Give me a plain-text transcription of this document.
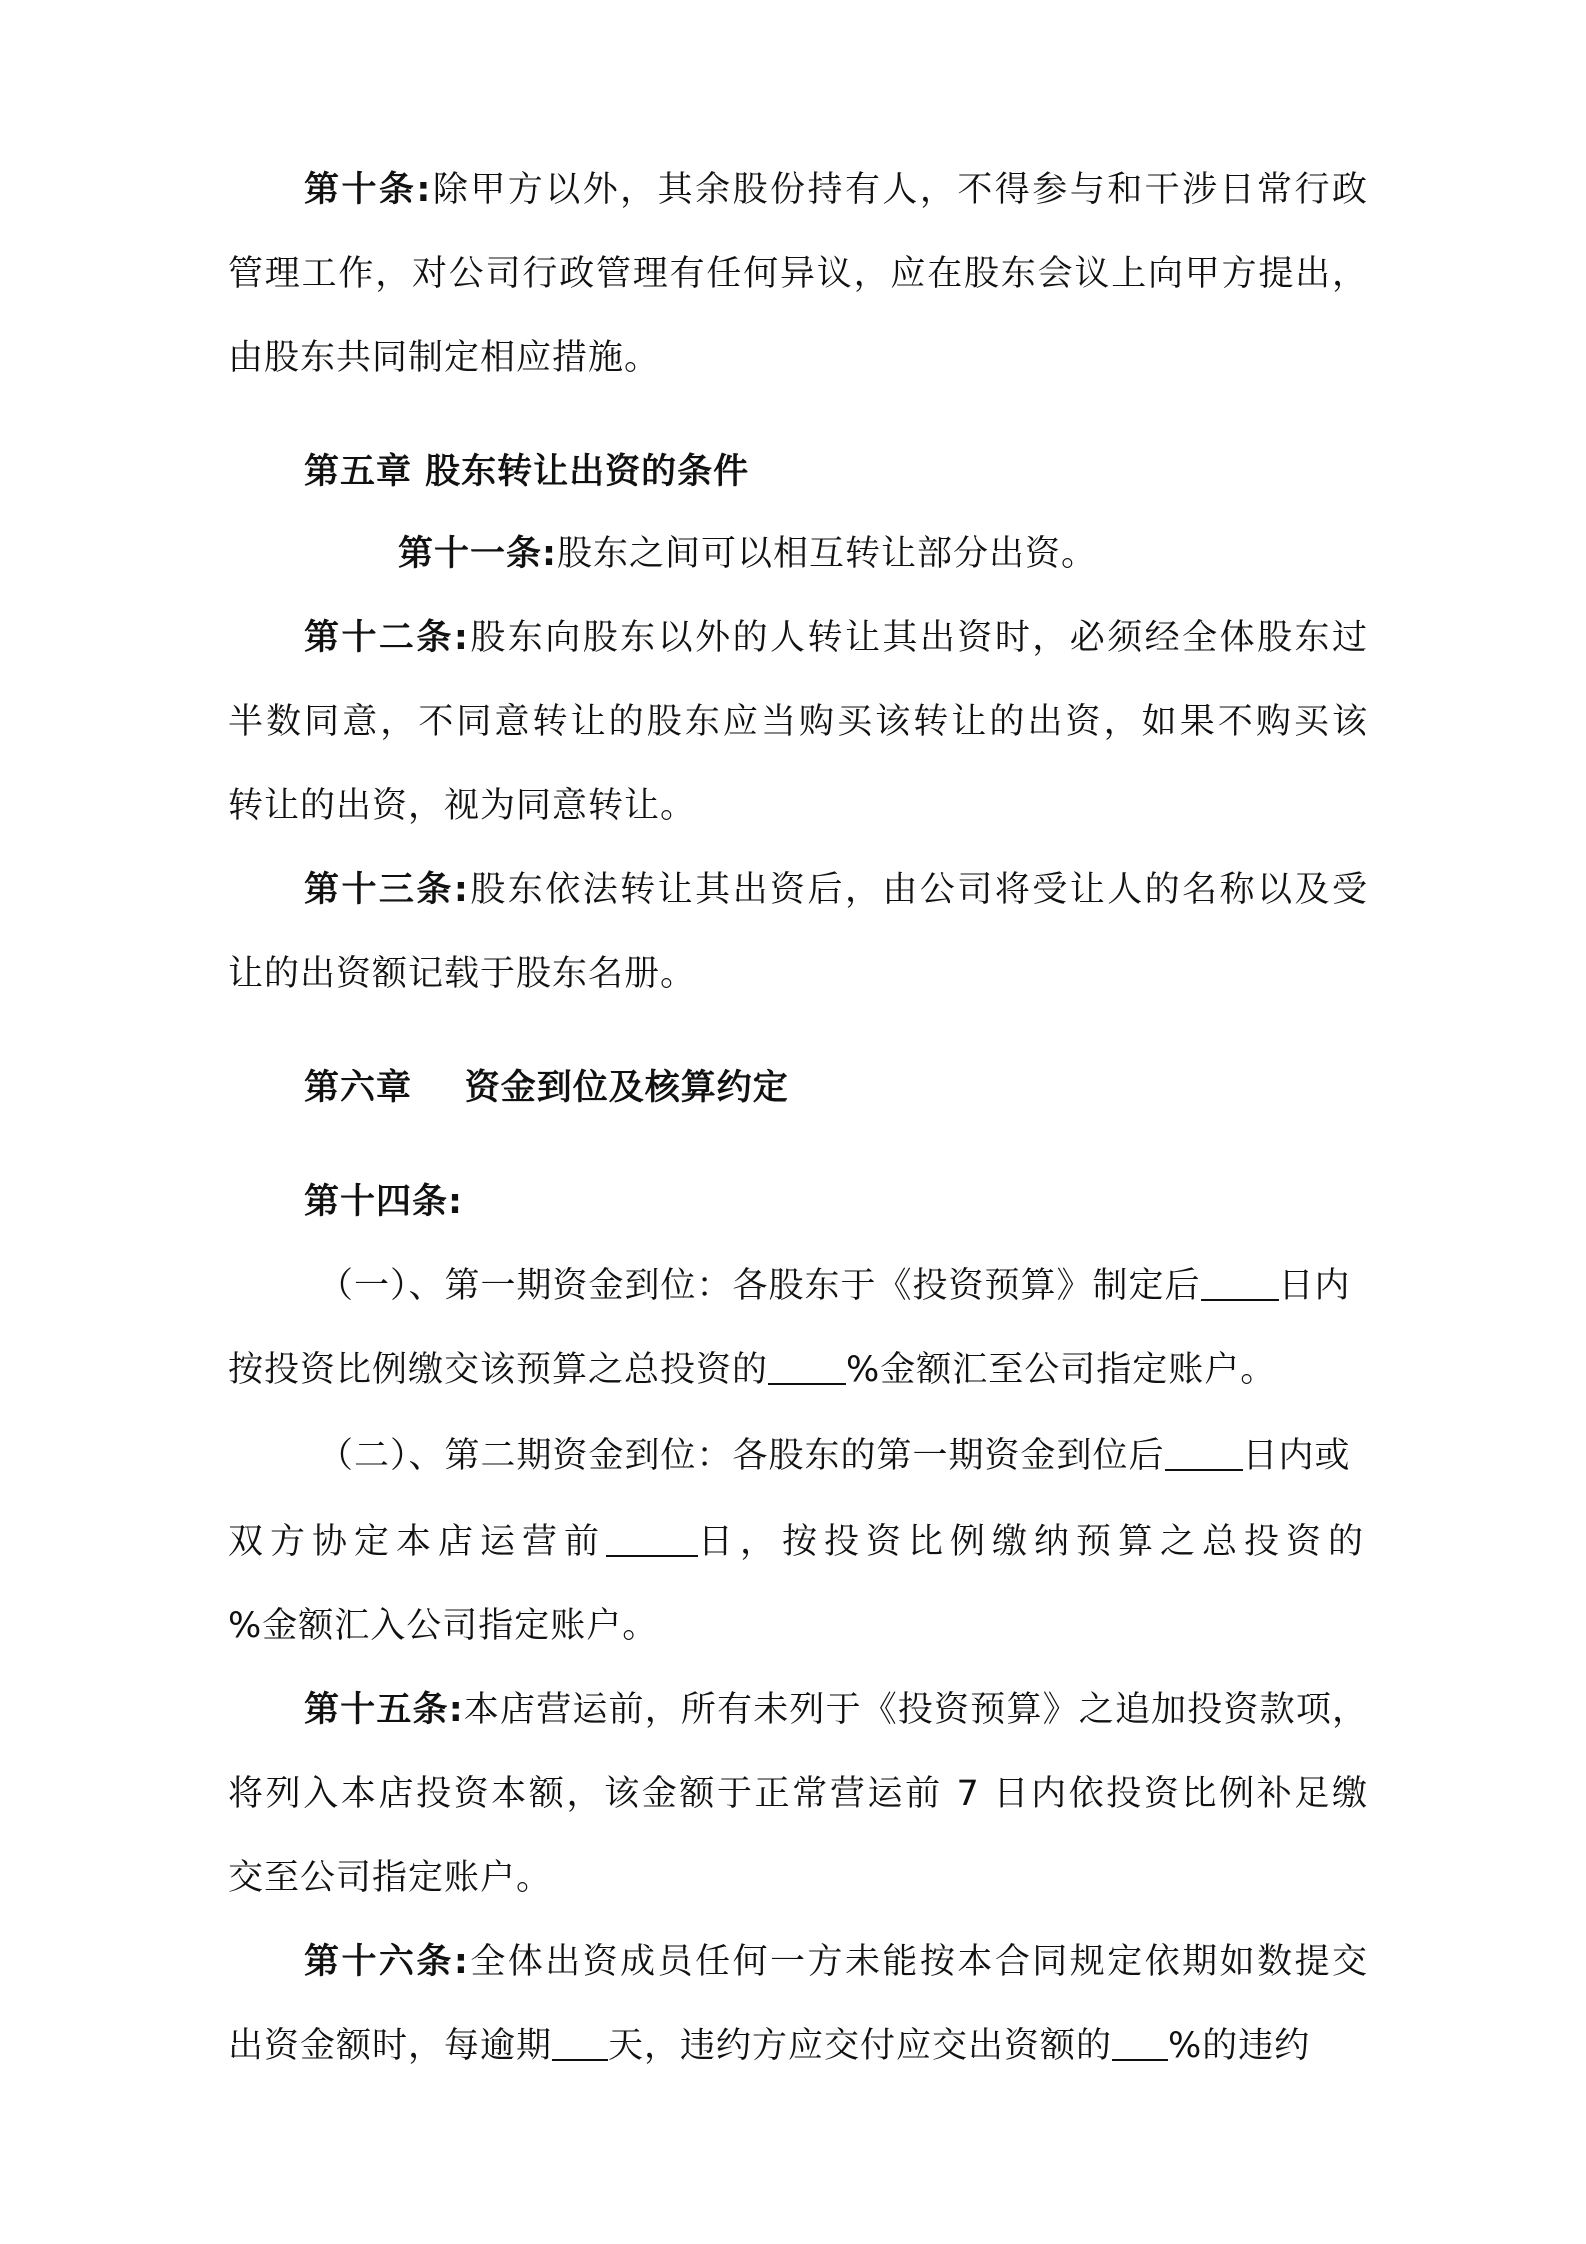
第十条:除甲方以外，其余股份持有人，不得参与和干涉日常行政
管理工作，对公司行政管理有任何异议，应在股东会议上向甲方提出，
由股东共同制定相应措施。
第五章 股东转让出资的条件
第十一条:股东之间可以相互转让部分出资。
第十二条:股东向股东以外的人转让其出资时，必须经全体股东过
半数同意，不同意转让的股东应当购买该转让的出资，如果不购买该
转让的出资，视为同意转让。
第十三条:股东依法转让其出资后，由公司将受让人的名称以及受
让的出资额记载于股东名册。
第六章    资金到位及核算约定
第十四条:
（一）、第一期资金到位：各股东于《投资预算》制定后 日内
按投资比例缴交该预算之总投资的 %金额汇至公司指定账户。
（二）、第二期资金到位：各股东的第一期资金到位后 日内或
双方协定本店运营前	日，按投资比例缴纳预算之总投资的
%金额汇入公司指定账户。
第十五条:本店营运前，所有未列于《投资预算》之追加投资款项，
将列入本店投资本额，该金额于正常营运前 7 日内依投资比例补足缴
交至公司指定账户。
第十六条:全体出资成员任何一方未能按本合同规定依期如数提交
出资金额时，每逾期 天，违约方应交付应交出资额的 %的违约
